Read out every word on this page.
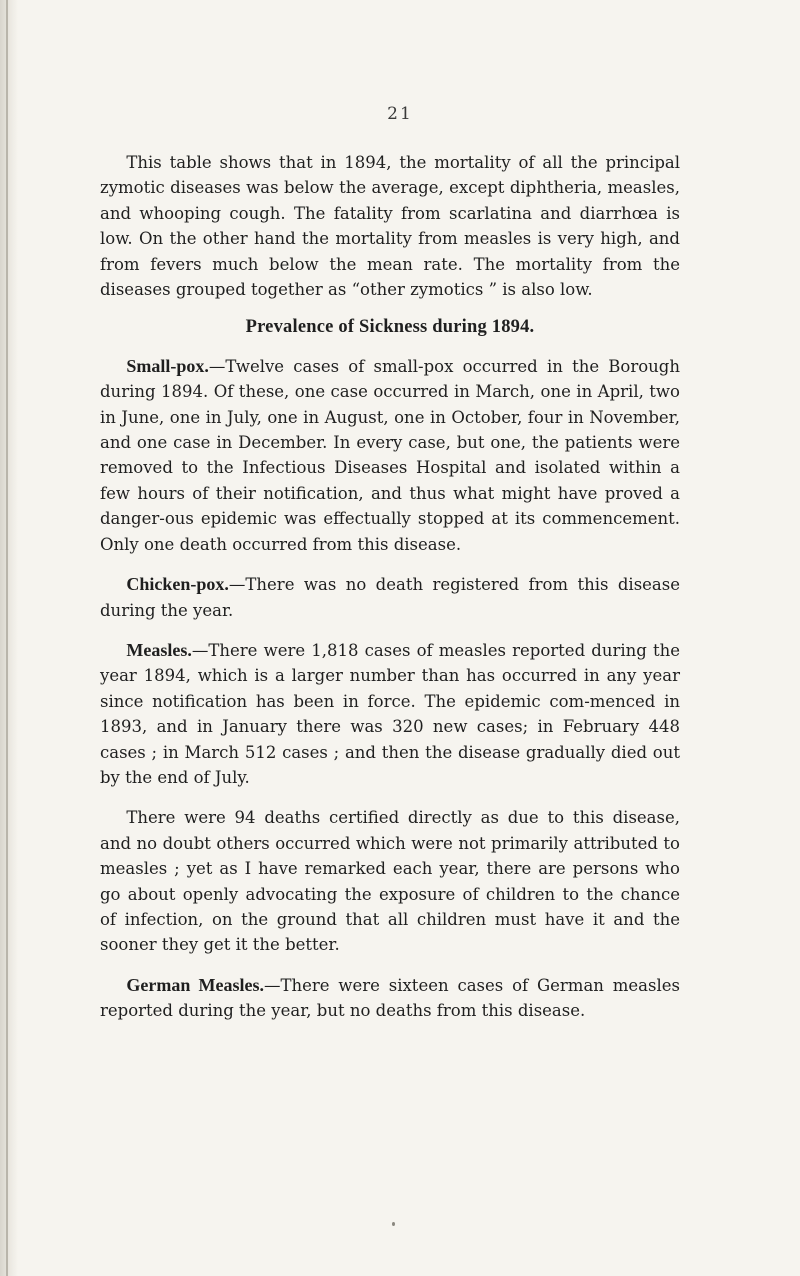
21

This table shows that in 1894, the mortality of all the principal zymotic diseases was below the average, except diphtheria, measles, and whooping cough. The fatality from scarlatina and diarrhœa is low. On the other hand the mortality from measles is very high, and from fevers much below the mean rate. The mortality from the diseases grouped together as “other zymotics ” is also low.

Prevalence of Sickness during 1894.

Small-pox.—Twelve cases of small-pox occurred in the Borough during 1894. Of these, one case occurred in March, one in April, two in June, one in July, one in August, one in October, four in November, and one case in December. In every case, but one, the patients were removed to the Infectious Diseases Hospital and isolated within a few hours of their notification, and thus what might have proved a danger-ous epidemic was effectually stopped at its commencement. Only one death occurred from this disease.

Chicken-pox.—There was no death registered from this disease during the year.

Measles.—There were 1,818 cases of measles reported during the year 1894, which is a larger number than has occurred in any year since notification has been in force. The epidemic com-menced in 1893, and in January there was 320 new cases; in February 448 cases ; in March 512 cases ; and then the disease gradually died out by the end of July.

There were 94 deaths certified directly as due to this disease, and no doubt others occurred which were not primarily attributed to measles ; yet as I have remarked each year, there are persons who go about openly advocating the exposure of children to the chance of infection, on the ground that all children must have it and the sooner they get it the better.

German Measles.—There were sixteen cases of German measles reported during the year, but no deaths from this disease.
